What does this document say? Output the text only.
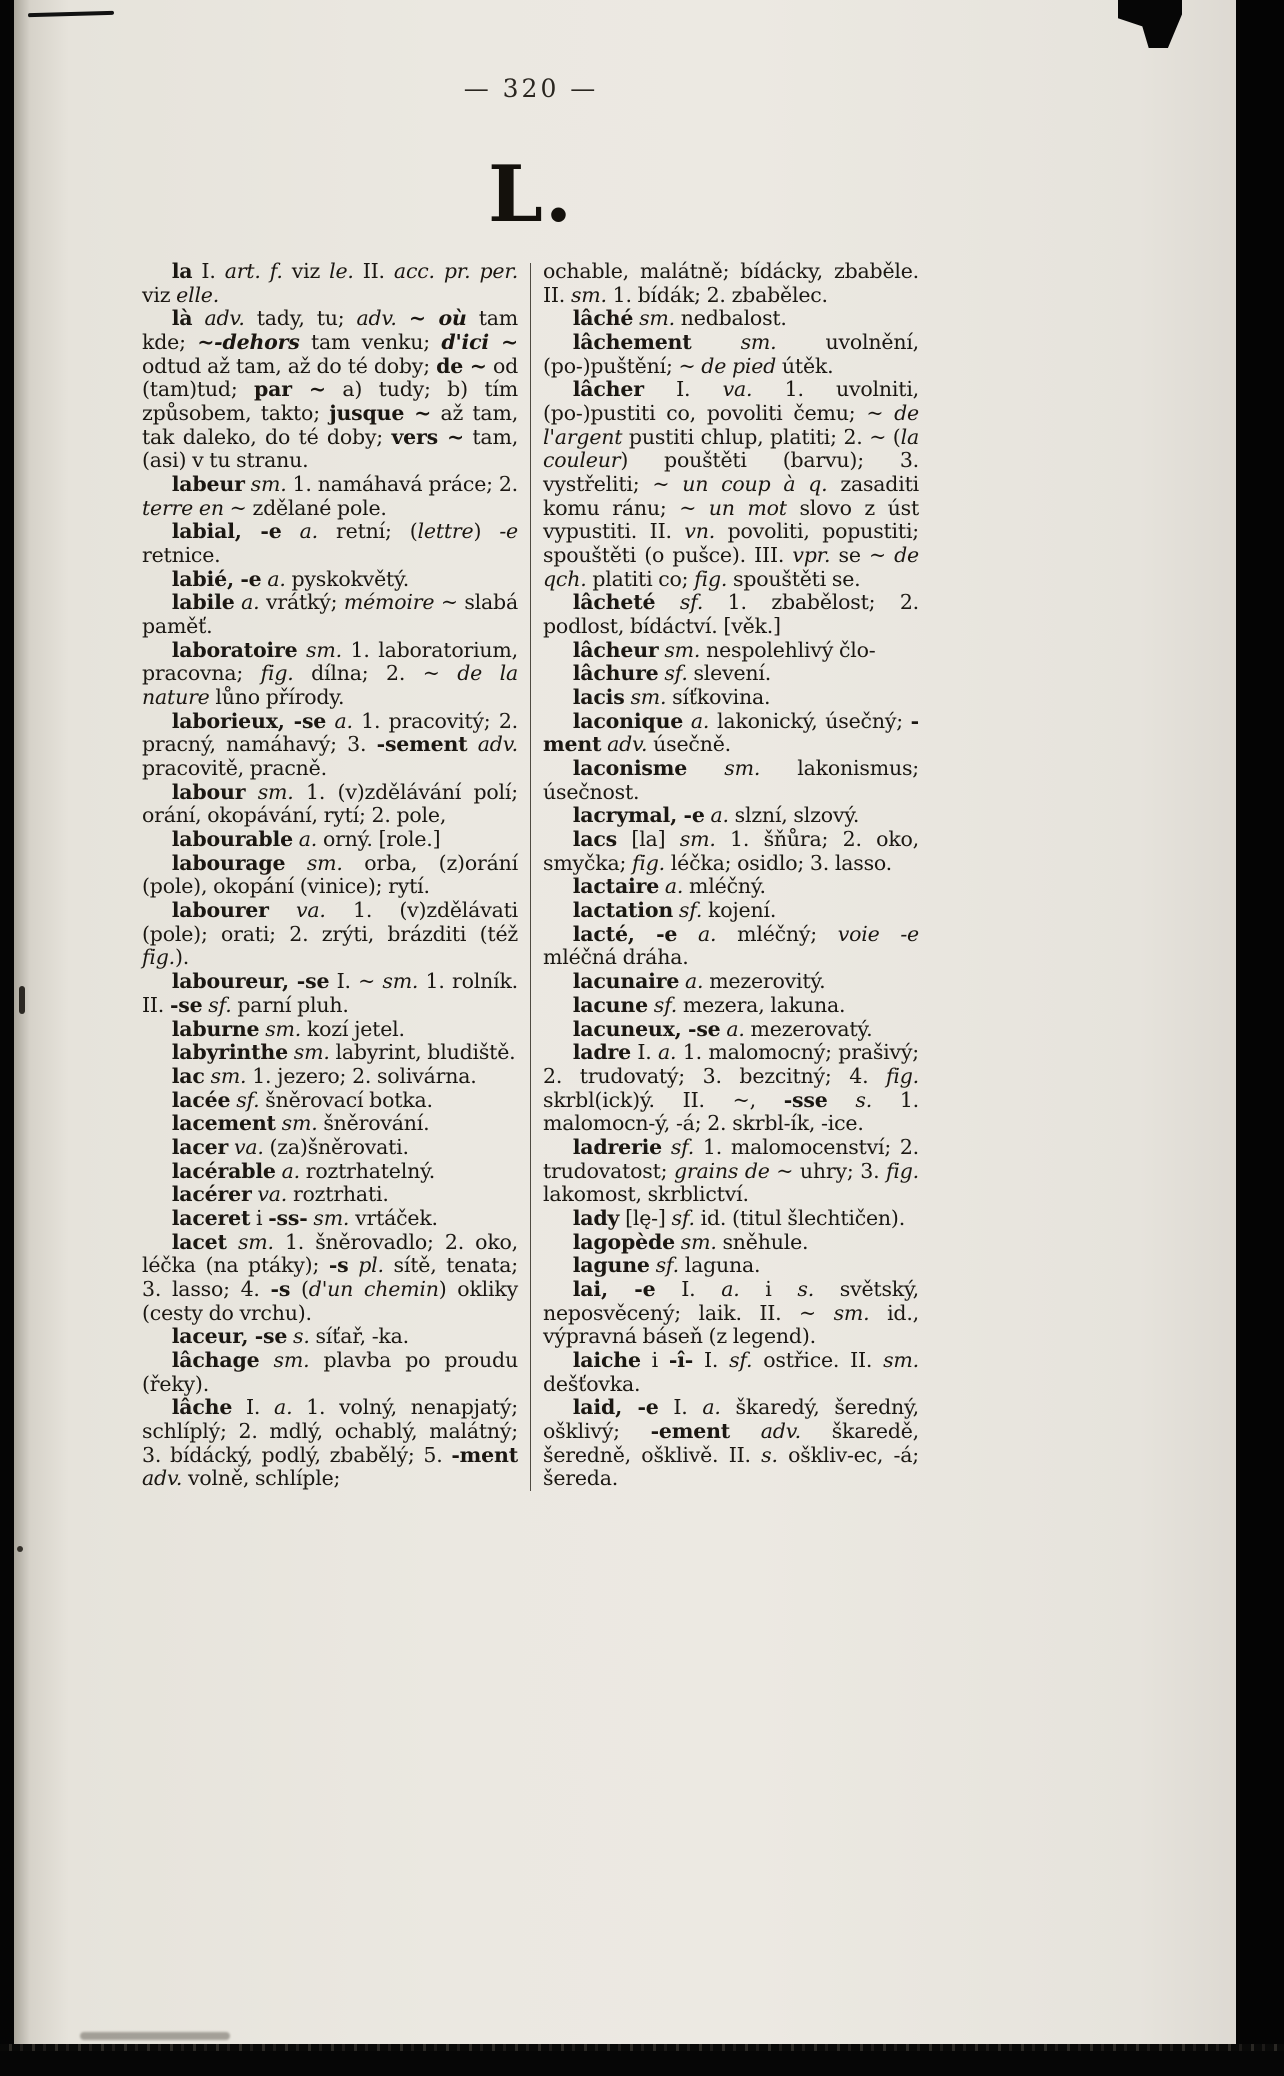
— 320 —
L.

la I. art. f. viz le. II. acc. pr. per. viz elle.

là adv. tady, tu; adv. ~ où tam kde; ~-dehors tam venku; d'ici ~ odtud až tam, až do té doby; de ~ od (tam)tud; par ~ a) tudy; b) tím způsobem, takto; jusque ~ až tam, tak daleko, do té doby; vers ~ tam, (asi) v tu stranu.

labeur sm. 1. namáhavá práce; 2. terre en ~ zdělané pole.

labial, -e a. retní; (lettre) -e retnice.

labié, -e a. pyskokvětý.

labile a. vrátký; mémoire ~ slabá paměť.

laboratoire sm. 1. laboratorium, pracovna; fig. dílna; 2. ~ de la nature lůno přírody.

laborieux, -se a. 1. pracovitý; 2. pracný, namáhavý; 3. -sement adv. pracovitě, pracně.

labour sm. 1. (v)zdělávání polí; orání, okopávání, rytí; 2. pole,

labourable a. orný. [role.]

labourage sm. orba, (z)orání (pole), okopání (vinice); rytí.

labourer va. 1. (v)zdělávati (pole); orati; 2. zrýti, brázditi (též fig.).

laboureur, -se I. ~ sm. 1. rolník. II. -se sf. parní pluh.

laburne sm. kozí jetel.

labyrinthe sm. labyrint, bludiště.

lac sm. 1. jezero; 2. solivárna.

lacée sf. šněrovací botka.

lacement sm. šněrování.

lacer va. (za)šněrovati.

lacérable a. roztrhatelný.

lacérer va. roztrhati.

laceret i -ss- sm. vrtáček.

lacet sm. 1. šněrovadlo; 2. oko, léčka (na ptáky); -s pl. sítě, tenata; 3. lasso; 4. -s (d'un chemin) okliky (cesty do vrchu).

laceur, -se s. síťař, -ka.

lâchage sm. plavba po proudu (řeky).

lâche I. a. 1. volný, nenapjatý; schlíplý; 2. mdlý, ochablý, malátný; 3. bídácký, podlý, zbabělý; 5. -ment adv. volně, schlíple;

ochable, malátně; bídácky, zbaběle. II. sm. 1. bídák; 2. zbabělec.

lâché sm. nedbalost.

lâchement sm. uvolnění, (po-)puštění; ~ de pied útěk.

lâcher I. va. 1. uvolniti, (po-)pustiti co, povoliti čemu; ~ de l'argent pustiti chlup, platiti; 2. ~ (la couleur) pouštěti (barvu); 3. vystřeliti; ~ un coup à q. zasaditi komu ránu; ~ un mot slovo z úst vypustiti. II. vn. povoliti, popustiti; spouštěti (o pušce). III. vpr. se ~ de qch. platiti co; fig. spouštěti se.

lâcheté sf. 1. zbabělost; 2. podlost, bídáctví. [věk.]

lâcheur sm. nespolehlivý člo-

lâchure sf. slevení.

lacis sm. síťkovina.

laconique a. lakonický, úsečný; -ment adv. úsečně.

laconisme sm. lakonismus; úsečnost.

lacrymal, -e a. slzní, slzový.

lacs [la] sm. 1. šňůra; 2. oko, smyčka; fig. léčka; osidlo; 3. lasso.

lactaire a. mléčný.

lactation sf. kojení.

lacté, -e a. mléčný; voie -e mléčná dráha.

lacunaire a. mezerovitý.

lacune sf. mezera, lakuna.

lacuneux, -se a. mezerovatý.

ladre I. a. 1. malomocný; prašivý; 2. trudovatý; 3. bezcitný; 4. fig. skrbl(ick)ý. II. ~, -sse s. 1. malomocn-ý, -á; 2. skrbl-ík, -ice.

ladrerie sf. 1. malomocenství; 2. trudovatost; grains de ~ uhry; 3. fig. lakomost, skrblictví.

lady [lę-] sf. id. (titul šlechtičen).

lagopède sm. sněhule.

lagune sf. laguna.

lai, -e I. a. i s. světský, neposvěcený; laik. II. ~ sm. id., výpravná báseň (z legend).

laiche i -î- I. sf. ostřice. II. sm. dešťovka.

laid, -e I. a. škaredý, šeredný, ošklivý; -ement adv. škaredě, šeredně, ošklivě. II. s. oškliv-ec, -á; šereda.
